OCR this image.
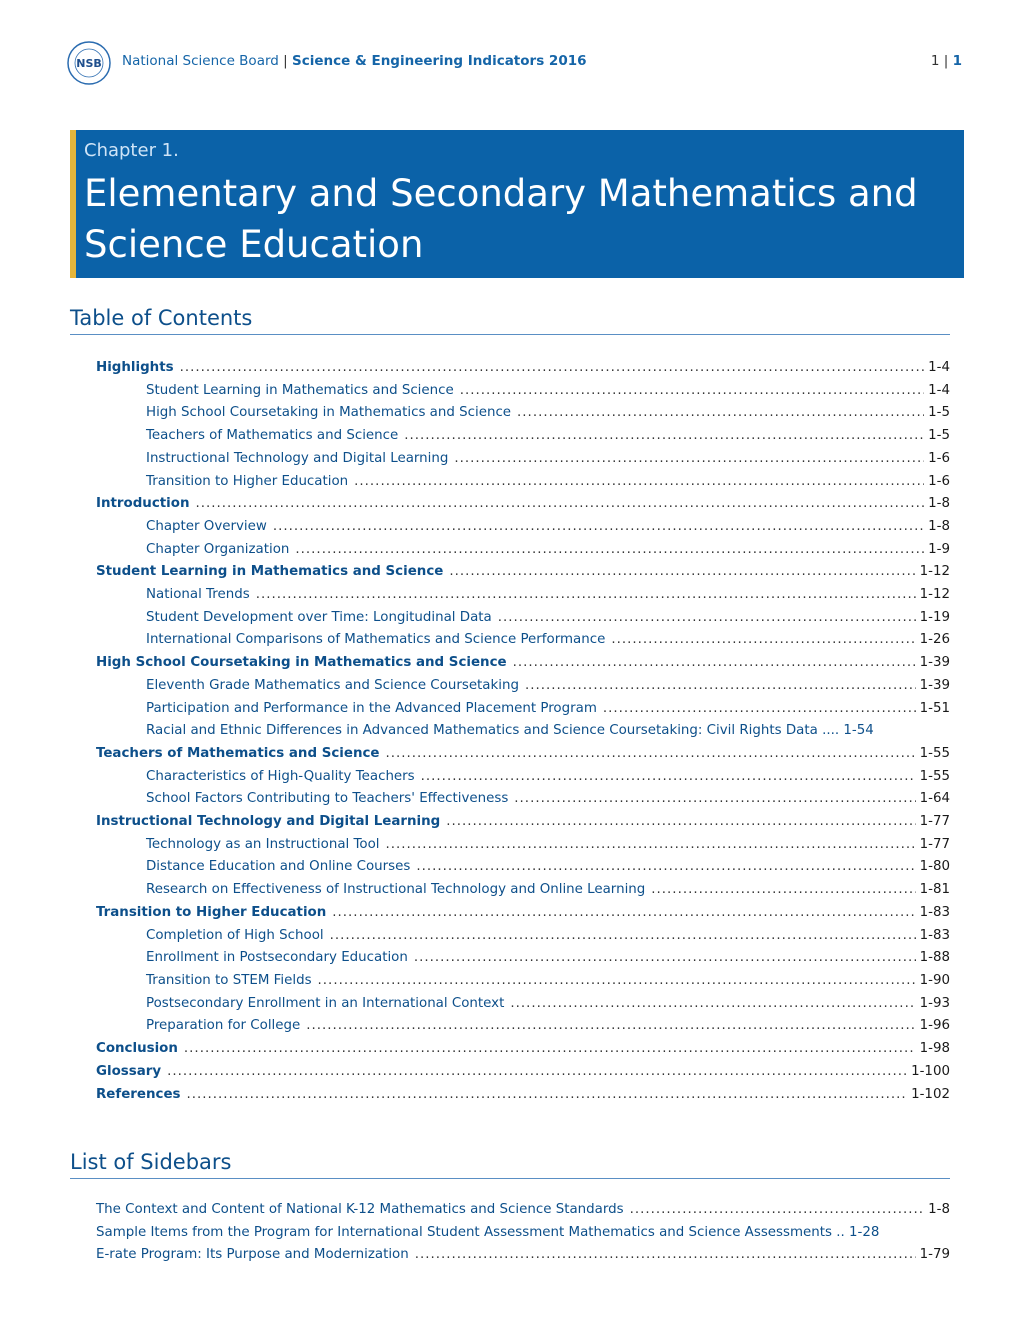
NSB National Science Board | Science & Engineering Indicators 2016	1 | 1
Chapter 1.
Elementary and Secondary Mathematics and Science Education
Table of Contents
Highlights .....	1-4
Student Learning in Mathematics and Science .....	1-4
High School Coursetaking in Mathematics and Science .....	1-5
Teachers of Mathematics and Science .....	1-5
Instructional Technology and Digital Learning .....	1-6
Transition to Higher Education .....	1-6
Introduction .....	1-8
Chapter Overview .....	1-8
Chapter Organization .....	1-9
Student Learning in Mathematics and Science .....	1-12
National Trends .....	1-12
Student Development over Time: Longitudinal Data .....	1-19
International Comparisons of Mathematics and Science Performance .....	1-26
High School Coursetaking in Mathematics and Science .....	1-39
Eleventh Grade Mathematics and Science Coursetaking .....	1-39
Participation and Performance in the Advanced Placement Program .....	1-51
Racial and Ethnic Differences in Advanced Mathematics and Science Coursetaking: Civil Rights Data .... 1-54
Teachers of Mathematics and Science .....	1-55
Characteristics of High-Quality Teachers .....	1-55
School Factors Contributing to Teachers' Effectiveness .....	1-64
Instructional Technology and Digital Learning .....	1-77
Technology as an Instructional Tool .....	1-77
Distance Education and Online Courses .....	1-80
Research on Effectiveness of Instructional Technology and Online Learning .....	1-81
Transition to Higher Education .....	1-83
Completion of High School .....	1-83
Enrollment in Postsecondary Education .....	1-88
Transition to STEM Fields .....	1-90
Postsecondary Enrollment in an International Context .....	1-93
Preparation for College .....	1-96
Conclusion .....	1-98
Glossary .....	1-100
References .....	1-102
List of Sidebars
The Context and Content of National K-12 Mathematics and Science Standards .....	1-8
Sample Items from the Program for International Student Assessment Mathematics and Science Assessments .. 1-28
E-rate Program: Its Purpose and Modernization .....	1-79
